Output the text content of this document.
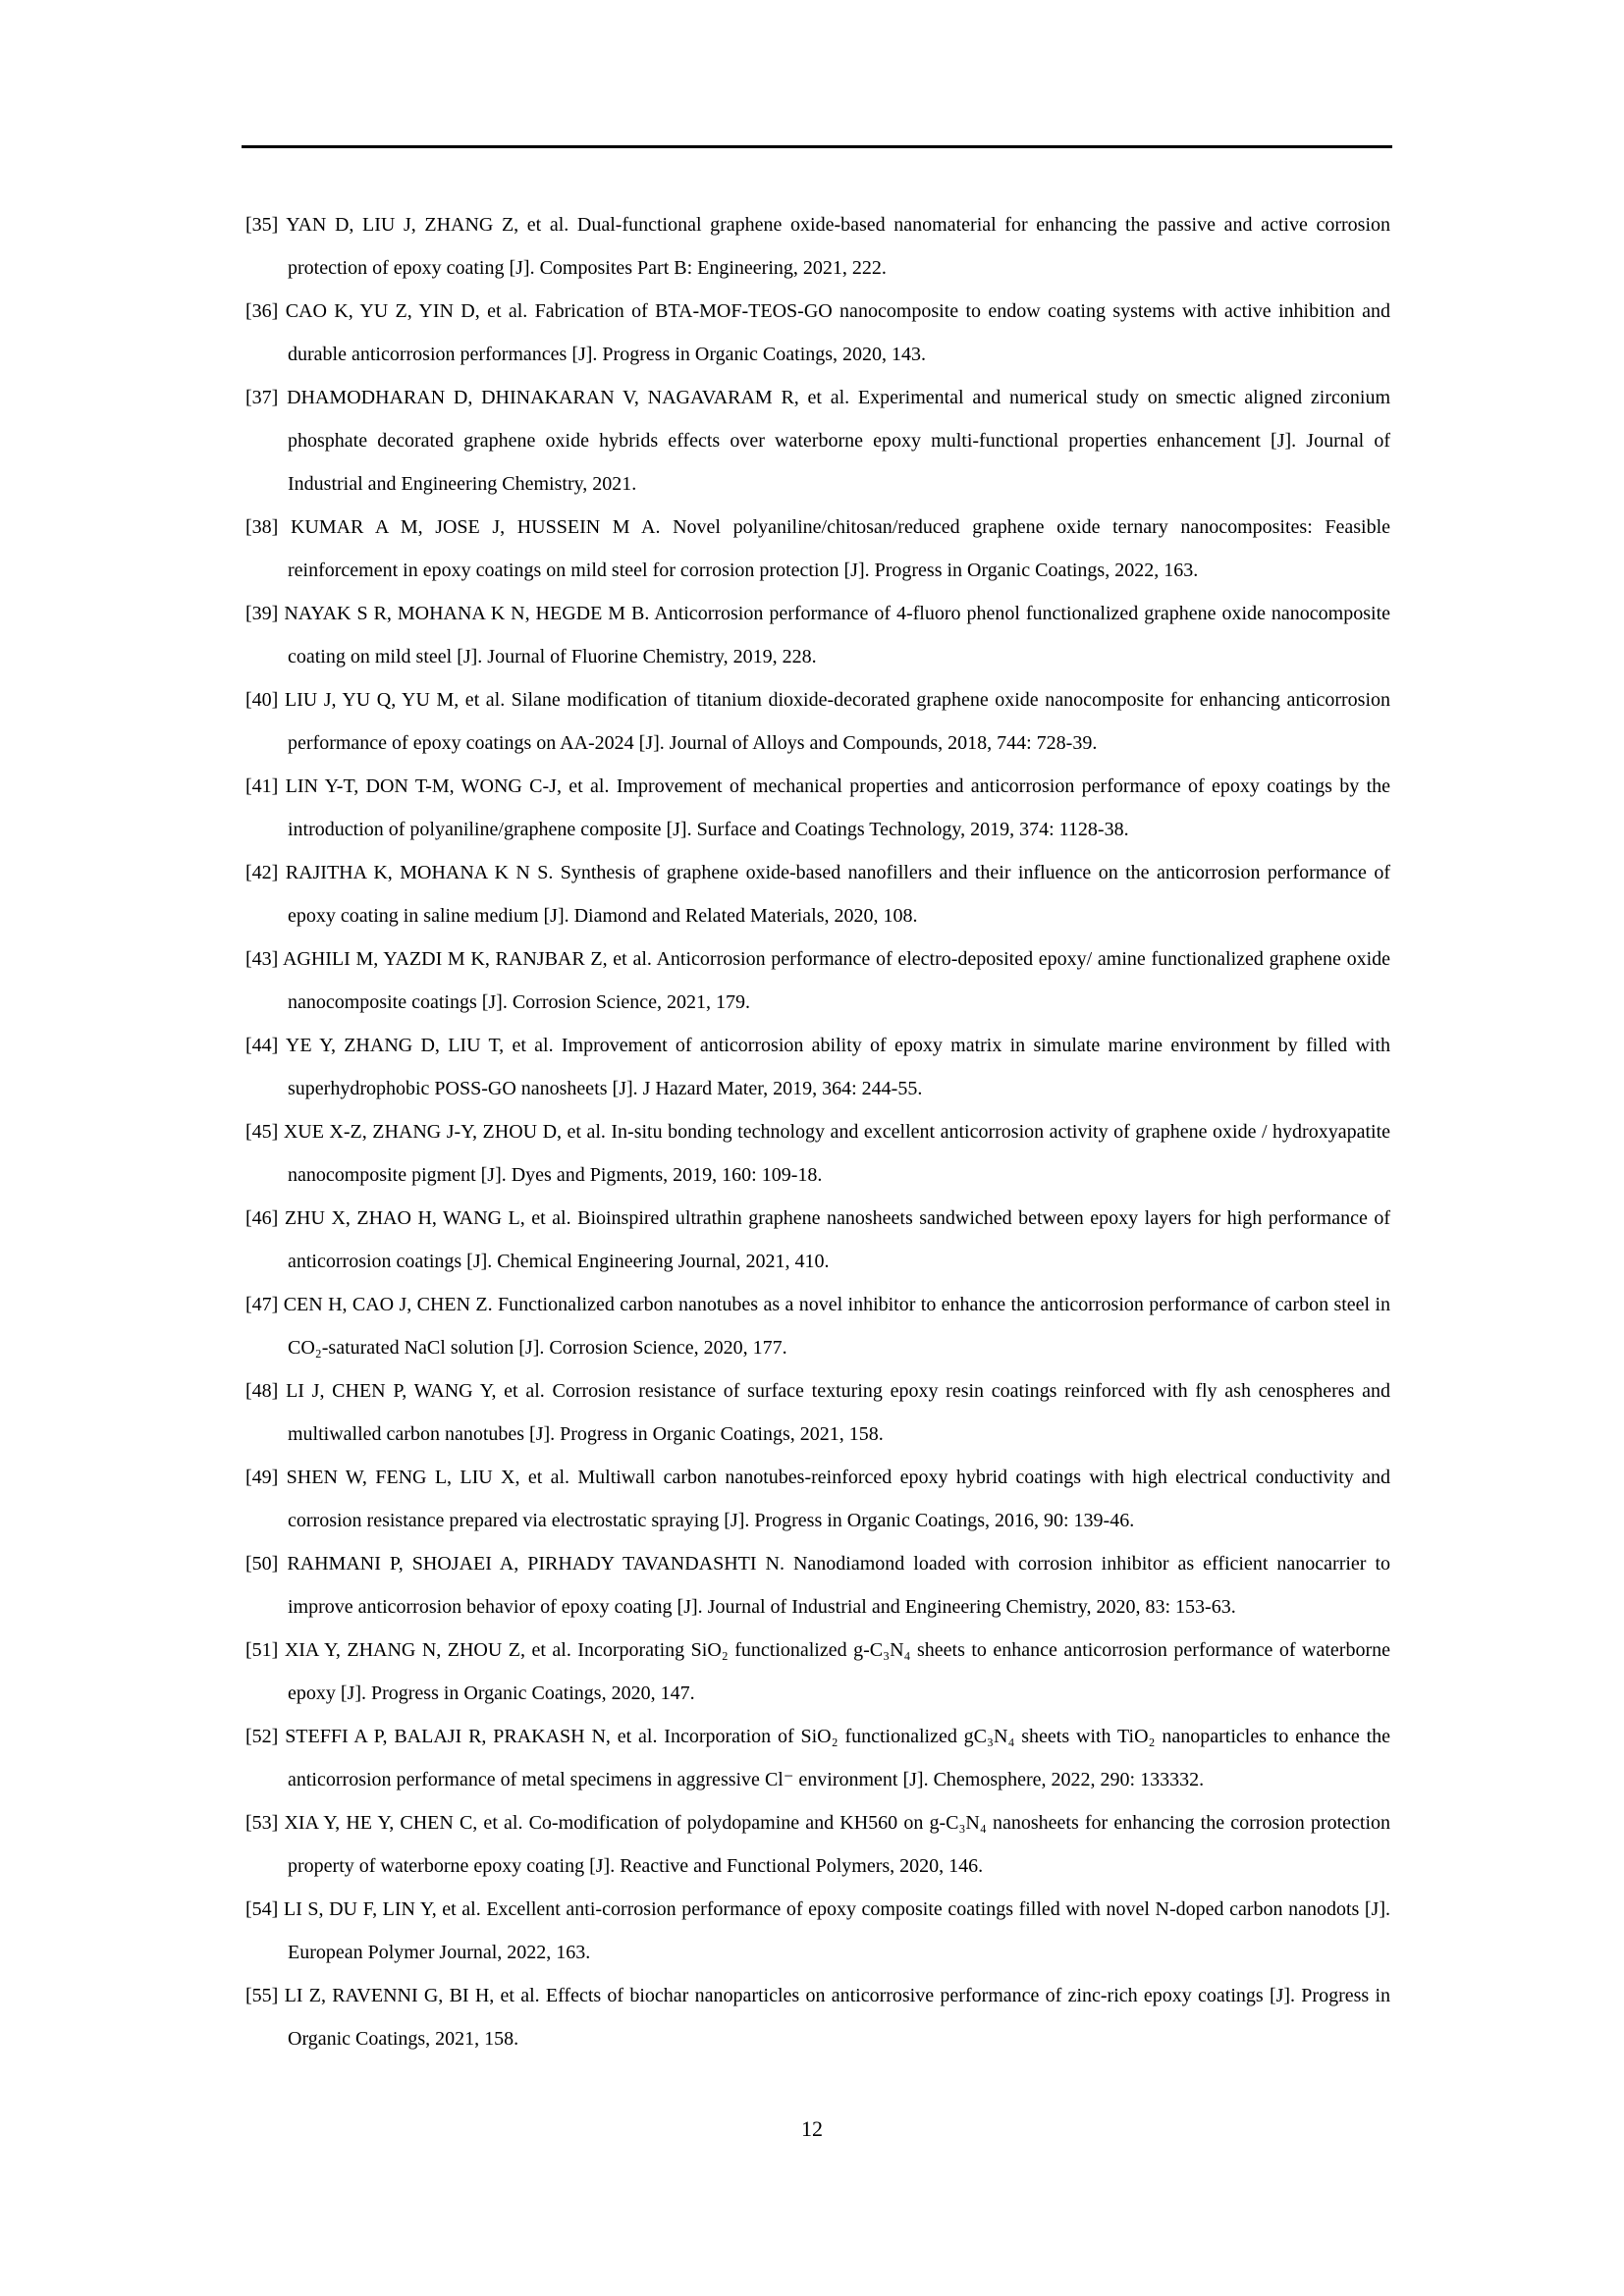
[35] YAN D, LIU J, ZHANG Z, et al. Dual-functional graphene oxide-based nanomaterial for enhancing the passive and active corrosion protection of epoxy coating [J]. Composites Part B: Engineering, 2021, 222.

[36] CAO K, YU Z, YIN D, et al. Fabrication of BTA-MOF-TEOS-GO nanocomposite to endow coating systems with active inhibition and durable anticorrosion performances [J]. Progress in Organic Coatings, 2020, 143.

[37] DHAMODHARAN D, DHINAKARAN V, NAGAVARAM R, et al. Experimental and numerical study on smectic aligned zirconium phosphate decorated graphene oxide hybrids effects over waterborne epoxy multi-functional properties enhancement [J]. Journal of Industrial and Engineering Chemistry, 2021.

[38] KUMAR A M, JOSE J, HUSSEIN M A. Novel polyaniline/chitosan/reduced graphene oxide ternary nanocomposites: Feasible reinforcement in epoxy coatings on mild steel for corrosion protection [J]. Progress in Organic Coatings, 2022, 163.

[39] NAYAK S R, MOHANA K N, HEGDE M B. Anticorrosion performance of 4-fluoro phenol functionalized graphene oxide nanocomposite coating on mild steel [J]. Journal of Fluorine Chemistry, 2019, 228.

[40] LIU J, YU Q, YU M, et al. Silane modification of titanium dioxide-decorated graphene oxide nanocomposite for enhancing anticorrosion performance of epoxy coatings on AA-2024 [J]. Journal of Alloys and Compounds, 2018, 744: 728-39.

[41] LIN Y-T, DON T-M, WONG C-J, et al. Improvement of mechanical properties and anticorrosion performance of epoxy coatings by the introduction of polyaniline/graphene composite [J]. Surface and Coatings Technology, 2019, 374: 1128-38.

[42] RAJITHA K, MOHANA K N S. Synthesis of graphene oxide-based nanofillers and their influence on the anticorrosion performance of epoxy coating in saline medium [J]. Diamond and Related Materials, 2020, 108.

[43] AGHILI M, YAZDI M K, RANJBAR Z, et al. Anticorrosion performance of electro-deposited epoxy/ amine functionalized graphene oxide nanocomposite coatings [J]. Corrosion Science, 2021, 179.

[44] YE Y, ZHANG D, LIU T, et al. Improvement of anticorrosion ability of epoxy matrix in simulate marine environment by filled with superhydrophobic POSS-GO nanosheets [J]. J Hazard Mater, 2019, 364: 244-55.

[45] XUE X-Z, ZHANG J-Y, ZHOU D, et al. In-situ bonding technology and excellent anticorrosion activity of graphene oxide / hydroxyapatite nanocomposite pigment [J]. Dyes and Pigments, 2019, 160: 109-18.

[46] ZHU X, ZHAO H, WANG L, et al. Bioinspired ultrathin graphene nanosheets sandwiched between epoxy layers for high performance of anticorrosion coatings [J]. Chemical Engineering Journal, 2021, 410.

[47] CEN H, CAO J, CHEN Z. Functionalized carbon nanotubes as a novel inhibitor to enhance the anticorrosion performance of carbon steel in CO₂-saturated NaCl solution [J]. Corrosion Science, 2020, 177.

[48] LI J, CHEN P, WANG Y, et al. Corrosion resistance of surface texturing epoxy resin coatings reinforced with fly ash cenospheres and multiwalled carbon nanotubes [J]. Progress in Organic Coatings, 2021, 158.

[49] SHEN W, FENG L, LIU X, et al. Multiwall carbon nanotubes-reinforced epoxy hybrid coatings with high electrical conductivity and corrosion resistance prepared via electrostatic spraying [J]. Progress in Organic Coatings, 2016, 90: 139-46.

[50] RAHMANI P, SHOJAEI A, PIRHADY TAVANDASHTI N. Nanodiamond loaded with corrosion inhibitor as efficient nanocarrier to improve anticorrosion behavior of epoxy coating [J]. Journal of Industrial and Engineering Chemistry, 2020, 83: 153-63.

[51] XIA Y, ZHANG N, ZHOU Z, et al. Incorporating SiO₂ functionalized g-C₃N₄ sheets to enhance anticorrosion performance of waterborne epoxy [J]. Progress in Organic Coatings, 2020, 147.

[52] STEFFI A P, BALAJI R, PRAKASH N, et al. Incorporation of SiO₂ functionalized gC₃N₄ sheets with TiO₂ nanoparticles to enhance the anticorrosion performance of metal specimens in aggressive Cl⁻ environment [J]. Chemosphere, 2022, 290: 133332.

[53] XIA Y, HE Y, CHEN C, et al. Co-modification of polydopamine and KH560 on g-C₃N₄ nanosheets for enhancing the corrosion protection property of waterborne epoxy coating [J]. Reactive and Functional Polymers, 2020, 146.

[54] LI S, DU F, LIN Y, et al. Excellent anti-corrosion performance of epoxy composite coatings filled with novel N-doped carbon nanodots [J]. European Polymer Journal, 2022, 163.

[55] LI Z, RAVENNI G, BI H, et al. Effects of biochar nanoparticles on anticorrosive performance of zinc-rich epoxy coatings [J]. Progress in Organic Coatings, 2021, 158.

12
